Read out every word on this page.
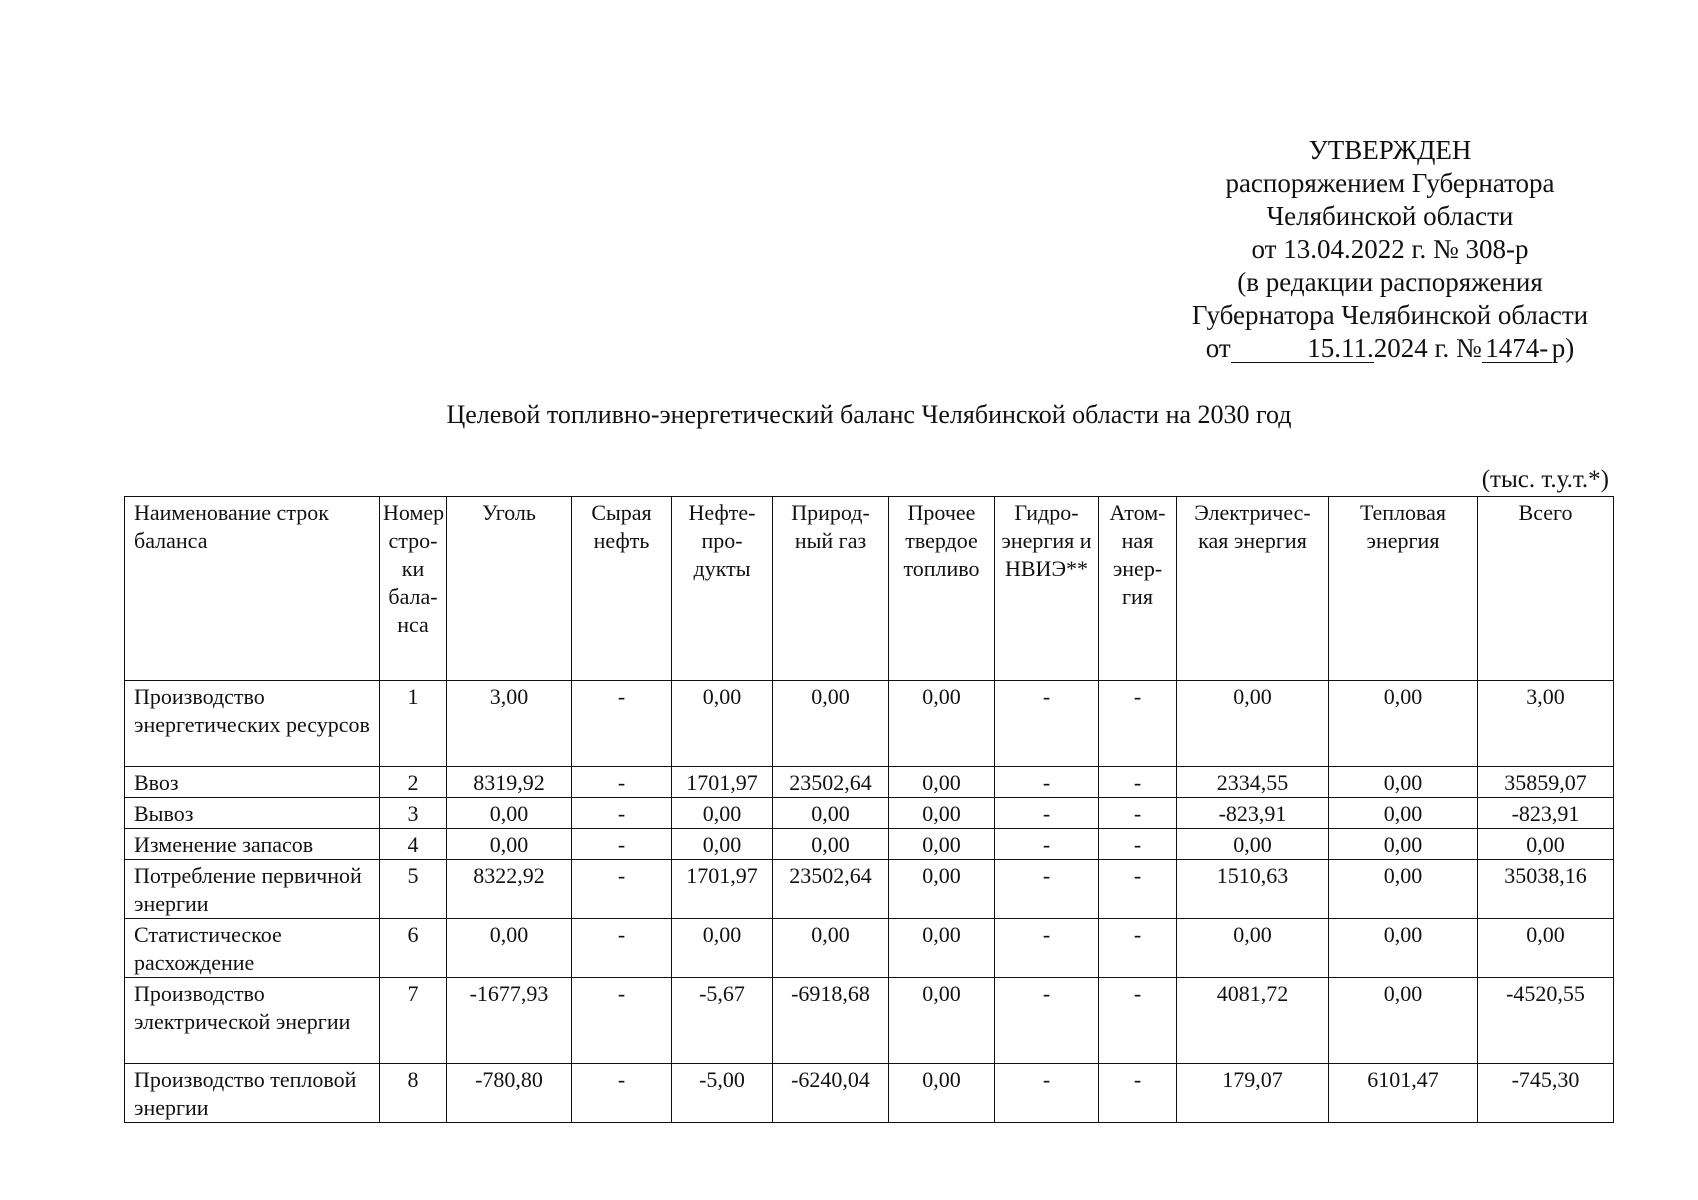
УТВЕРЖДЕН
распоряжением Губернатора
Челябинской области
от 13.04.2022 г. № 308-р
(в редакции распоряжения
Губернатора Челябинской области
от	15.11.2024 г. № 1474- р)
Целевой топливно-энергетический баланс Челябинской области на 2030 год
(тыс. т.у.т.*)
Наименование строк баланса	Номер стро- ки бала- нса	Уголь	Сырая нефть	Нефте- про- дукты	Природ- ный газ	Прочее твердое топливо	Гидро- энергия и НВИЭ**	Атом- ная энер- гия	Электричес- кая энергия	Тепловая энергия	Всего
Производство энергетических ресурсов	1	3,00	-	0,00	0,00	0,00	-	-	0,00	0,00	3,00
Ввоз	2	8319,92	-	1701,97	23502,64	0,00	-	-	2334,55	0,00	35859,07
Вывоз	3	0,00	-	0,00	0,00	0,00	-	-	-823,91	0,00	-823,91
Изменение запасов	4	0,00	-	0,00	0,00	0,00	-	-	0,00	0,00	0,00
Потребление первичной энергии	5	8322,92	-	1701,97	23502,64	0,00	-	-	1510,63	0,00	35038,16
Статистическое расхождение	6	0,00	-	0,00	0,00	0,00	-	-	0,00	0,00	0,00
Производство электрической энергии	7	-1677,93	-	-5,67	-6918,68	0,00	-	-	4081,72	0,00	-4520,55
Производство тепловой энергии	8	-780,80	-	-5,00	-6240,04	0,00	-	-	179,07	6101,47	-745,30
